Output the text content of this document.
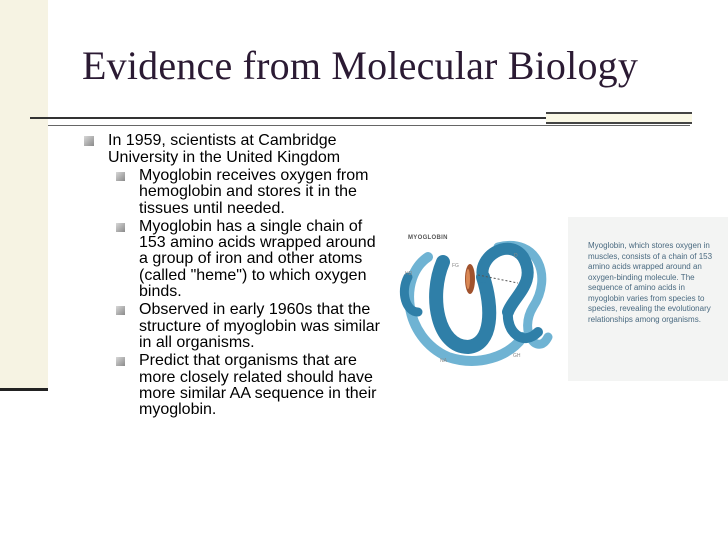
Evidence from Molecular Biology
In 1959, scientists at Cambridge University in the United Kingdom
Myoglobin receives oxygen from hemoglobin and stores it in the tissues until needed.
Myoglobin has a single chain of 153 amino acids wrapped around a group of iron and other atoms (called "heme") to which oxygen binds.
Observed in early 1960s that the structure of myoglobin was similar in all organisms.
Predict that organisms that are more closely related should have more similar AA sequence in their myoglobin.
D
FG
NA
GH
HD
MYOGLOBIN
Myoglobin, which stores oxygen in muscles, consists of a chain of 153 amino acids wrapped around an oxygen-binding molecule. The sequence of amino acids in myoglobin varies from species to species, revealing the evolutionary relationships among organisms.
